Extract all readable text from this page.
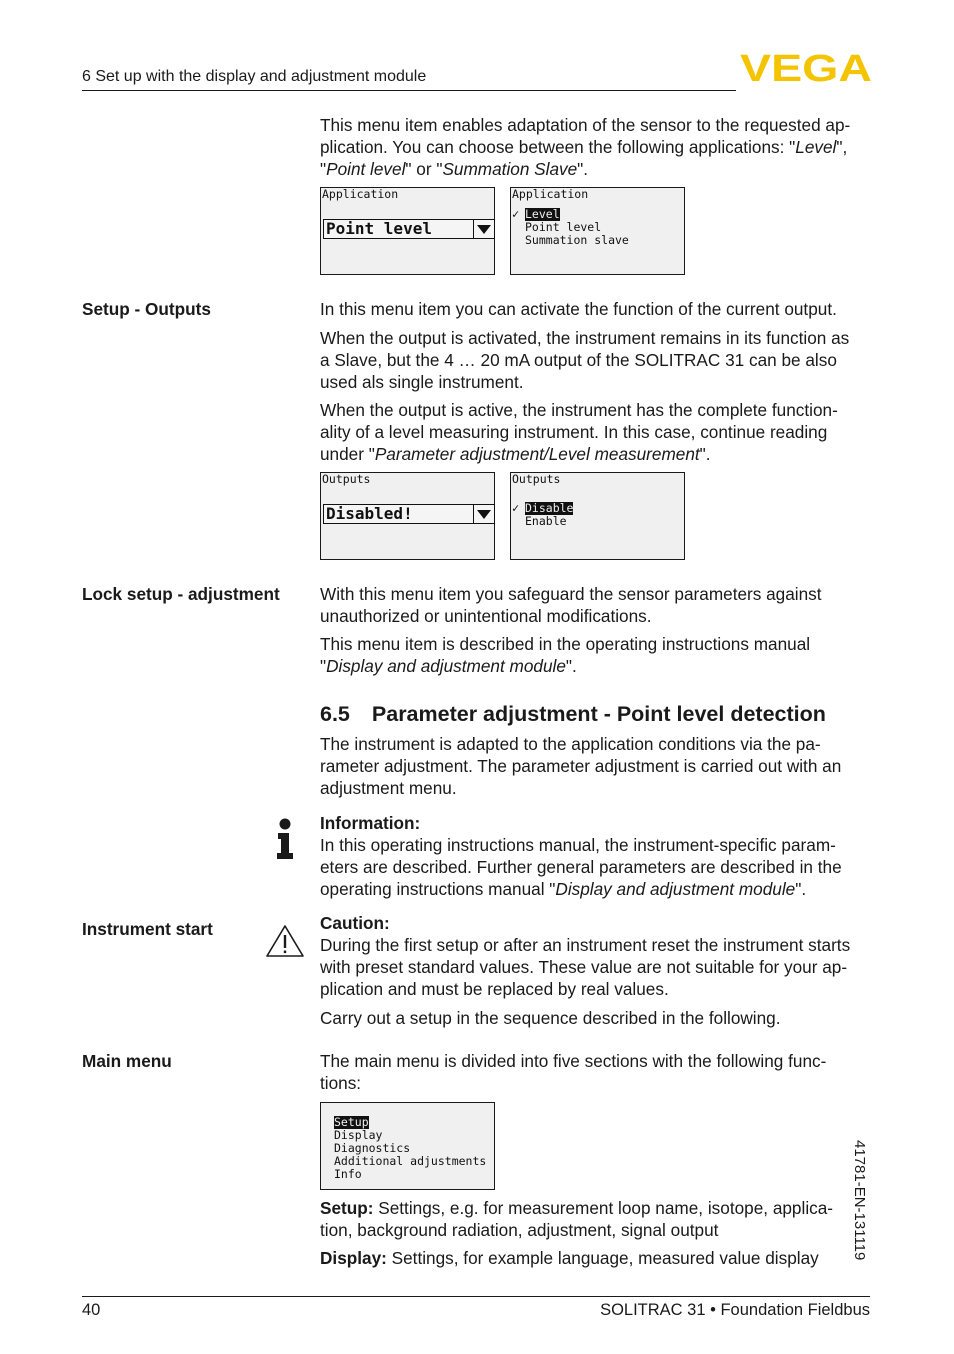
6 Set up with the display and adjustment module	VEGA

This menu item enables adaptation of the sensor to the requested ap-

plication. You can choose between the following applications: "Level",

"Point level" or "Summation Slave".

Application
Point level
Application
✓ Level
Point level
Summation slave
Setup - Outputs	In this menu item you can activate the function of the current output.

When the output is activated, the instrument remains in its function as

a Slave, but the 4 … 20 mA output of the SOLITRAC 31 can be also

used als single instrument.

When the output is active, the instrument has the complete function-

ality of a level measuring instrument. In this case, continue reading

under "Parameter adjustment/Level measurement".

Outputs
Disabled!
Outputs
✓ Disable
Enable
Lock setup - adjustment	With this menu item you safeguard the sensor parameters against

unauthorized or unintentional modifications.

This menu item is described in the operating instructions manual

"Display and adjustment module".

6.5 Parameter adjustment - Point level detection

The instrument is adapted to the application conditions via the pa-

rameter adjustment. The parameter adjustment is carried out with an

adjustment menu.

Information:

In this operating instructions manual, the instrument-specific param-

eters are described. Further general parameters are described in the

operating instructions manual "Display and adjustment module".

Instrument start	Caution:

During the first setup or after an instrument reset the instrument starts

with preset standard values. These value are not suitable for your ap-

plication and must be replaced by real values.

Carry out a setup in the sequence described in the following.

Main menu	The main menu is divided into five sections with the following func-

tions:

Setup
Display
Diagnostics
Additional adjustments
Info

Setup: Settings, e.g. for measurement loop name, isotope, applica-

tion, background radiation, adjustment, signal output

Display: Settings, for example language, measured value display	41781-EN-131119
40	SOLITRAC 31 • Foundation Fieldbus
